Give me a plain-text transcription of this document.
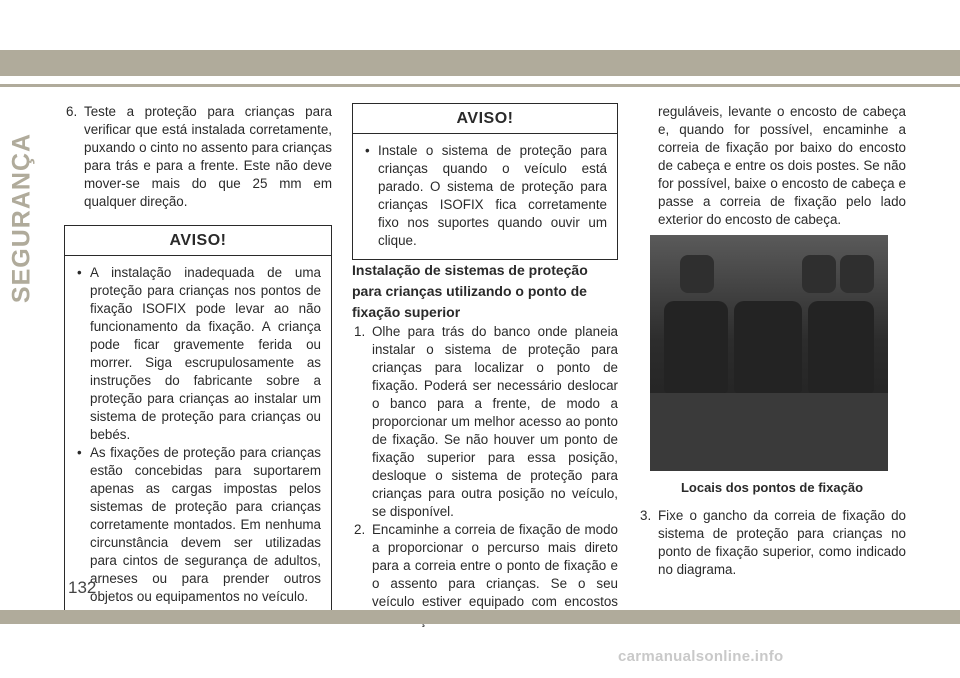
SEGURANÇA

6. Teste a proteção para crianças para verificar que está instalada corretamente, puxando o cinto no assento para crianças para trás e para a frente. Este não deve mover-se mais do que 25 mm em qualquer direção.

AVISO!

• A instalação inadequada de uma proteção para crianças nos pontos de fixação ISOFIX pode levar ao não funcionamento da fixação. A criança pode ficar gravemente ferida ou morrer. Siga escrupulosamente as instruções do fabricante sobre a proteção para crianças ao instalar um sistema de proteção para crianças ou bebés.

• As fixações de proteção para crianças estão concebidas para suportarem apenas as cargas impostas pelos sistemas de proteção para crianças corretamente montados. Em nenhuma circunstância devem ser utilizadas para cintos de segurança de adultos, arneses ou para prender outros objetos ou equipamentos no veículo.

AVISO!

• Instale o sistema de proteção para crianças quando o veículo está parado. O sistema de proteção para crianças ISOFIX fica corretamente fixo nos suportes quando ouvir um clique.

Instalação de sistemas de proteção para crianças utilizando o ponto de fixação superior

1. Olhe para trás do banco onde planeia instalar o sistema de proteção para crianças para localizar o ponto de fixação. Poderá ser necessário deslocar o banco para a frente, de modo a proporcionar um melhor acesso ao ponto de fixação. Se não houver um ponto de fixação superior para essa posição, desloque o sistema de proteção para crianças para outra posição no veículo, se disponível.

2. Encaminhe a correia de fixação de modo a proporcionar o percurso mais direto para a correia entre o ponto de fixação e o assento para crianças. Se o seu veículo estiver equipado com encostos

reguláveis, levante o encosto de cabeça e, quando for possível, encaminhe a correia de fixação por baixo do encosto de cabeça e entre os dois postes. Se não for possível, baixe o encosto de cabeça e passe a correia de fixação pelo lado exterior do encosto de cabeça.

Locais dos pontos de fixação

3. Fixe o gancho da correia de fixação do sistema de proteção para crianças no ponto de fixação superior, como indicado no diagrama.

132
carmanualsonline.info
